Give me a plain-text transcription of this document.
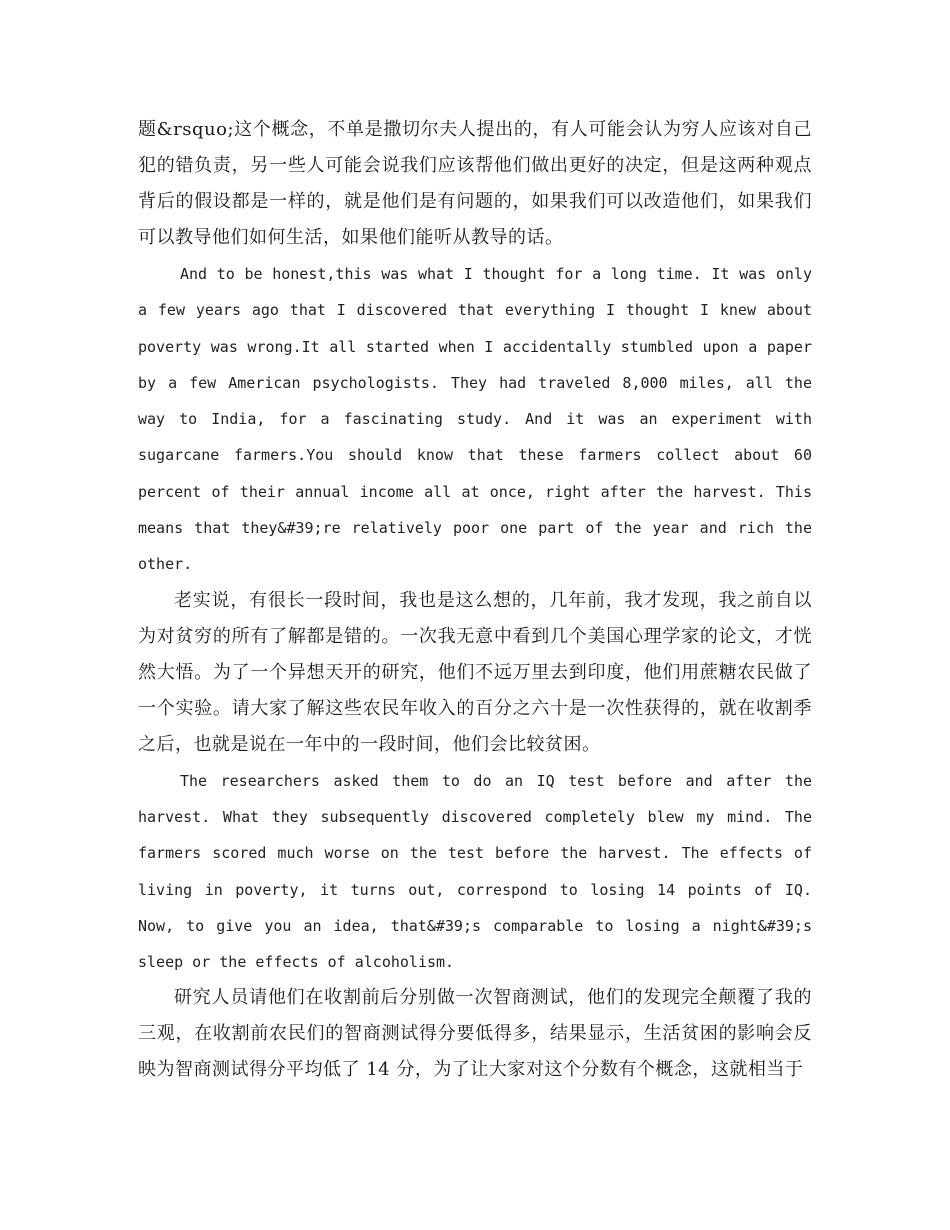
题&rsquo;这个概念，不单是撒切尔夫人提出的，有人可能会认为穷人应该对自己犯的错负责，另一些人可能会说我们应该帮他们做出更好的决定，但是这两种观点背后的假设都是一样的，就是他们是有问题的，如果我们可以改造他们，如果我们可以教导他们如何生活，如果他们能听从教导的话。

And to be honest,this was what I thought for a long time. It was only a few years ago that I discovered that everything I thought I knew about poverty was wrong.It all started when I accidentally stumbled upon a paper by a few American psychologists. They had traveled 8,000 miles, all the way to India, for a fascinating study. And it was an experiment with sugarcane farmers.You should know that these farmers collect about 60 percent of their annual income all at once, right after the harvest. This means that they&#39;re relatively poor one part of the year and rich the other.

老实说，有很长一段时间，我也是这么想的，几年前，我才发现，我之前自以为对贫穷的所有了解都是错的。一次我无意中看到几个美国心理学家的论文，才恍然大悟。为了一个异想天开的研究，他们不远万里去到印度，他们用蔗糖农民做了一个实验。请大家了解这些农民年收入的百分之六十是一次性获得的，就在收割季之后，也就是说在一年中的一段时间，他们会比较贫困。

The researchers asked them to do an IQ test before and after the harvest. What they subsequently discovered completely blew my mind. The farmers scored much worse on the test before the harvest. The effects of living in poverty, it turns out, correspond to losing 14 points of IQ. Now, to give you an idea, that&#39;s comparable to losing a night&#39;s sleep or the effects of alcoholism.

研究人员请他们在收割前后分别做一次智商测试，他们的发现完全颠覆了我的三观，在收割前农民们的智商测试得分要低得多，结果显示，生活贫困的影响会反映为智商测试得分平均低了 14 分，为了让大家对这个分数有个概念，这就相当于
